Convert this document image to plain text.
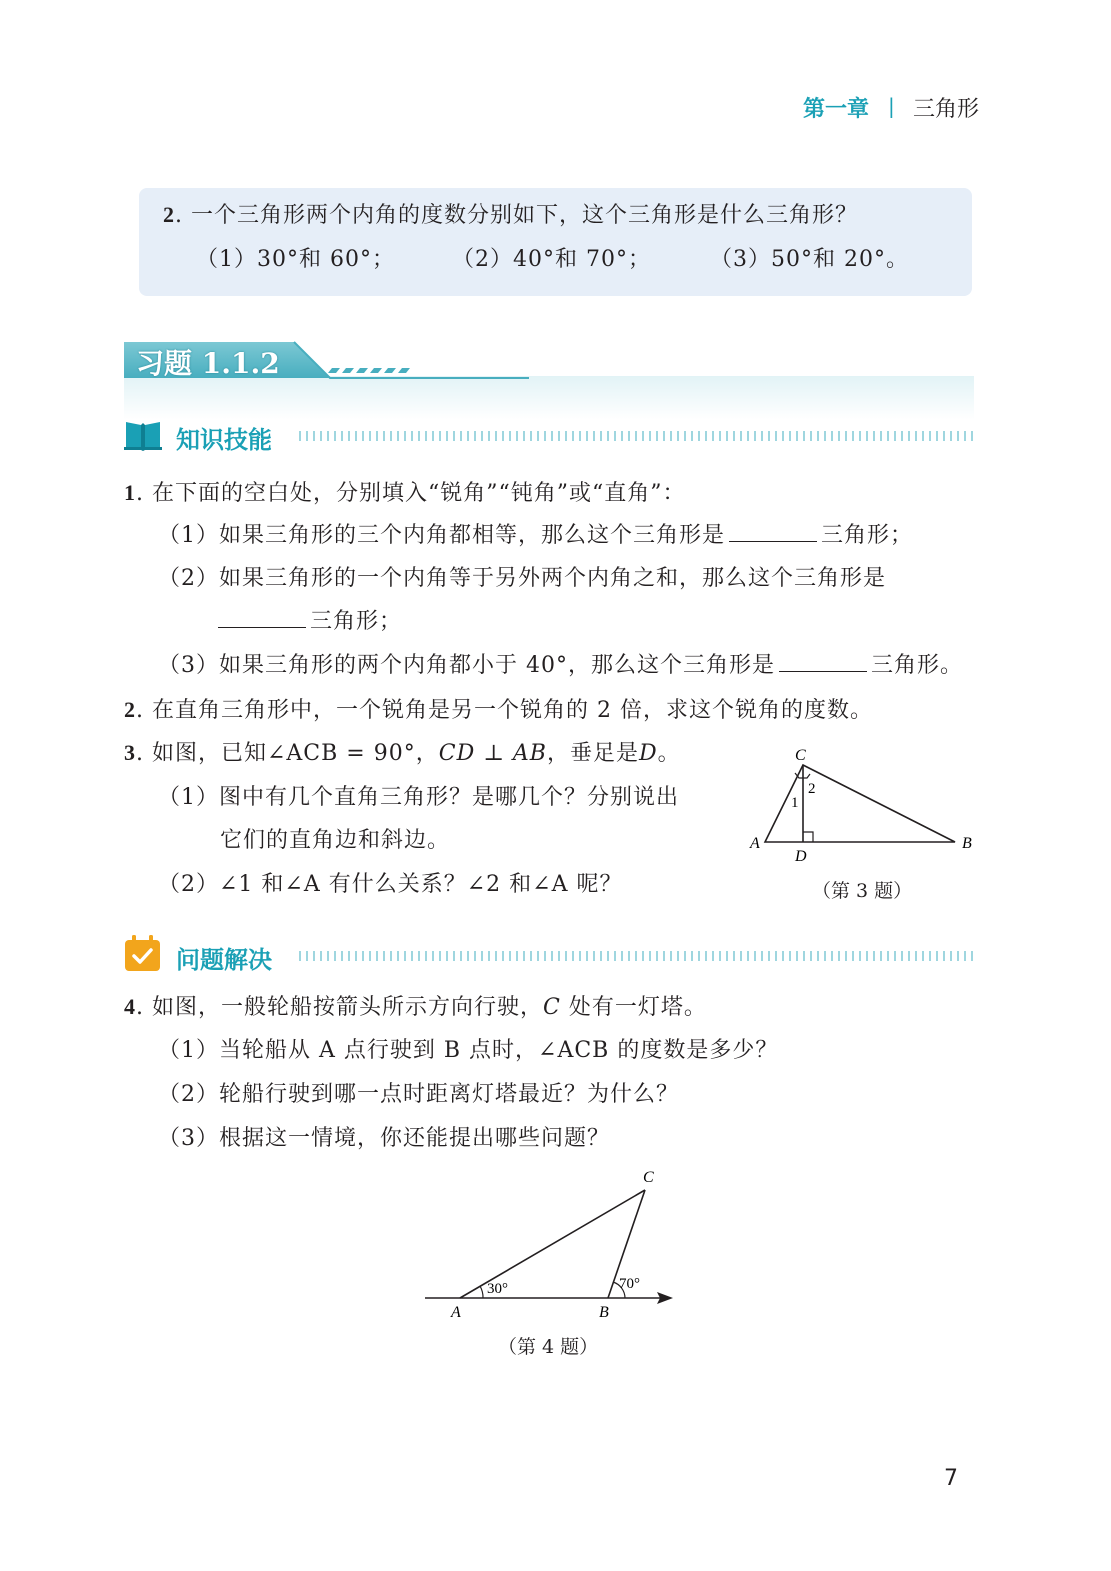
第一章 | 三角形
2. 一个三角形两个内角的度数分别如下，这个三角形是什么三角形？
（1）30°和 60°；	（2）40°和 70°；	（3）50°和 20°。
习题 1.1.2
知识技能
1. 在下面的空白处，分别填入“锐角”“钝角”或“直角”：
（1）如果三角形的三个内角都相等，那么这个三角形是	三角形；
（2）如果三角形的一个内角等于另外两个内角之和，那么这个三角形是
三角形；
（3）如果三角形的两个内角都小于 40°，那么这个三角形是	三角形。
2. 在直角三角形中，一个锐角是另一个锐角的 2 倍，求这个锐角的度数。
3. 如图，已知∠ACB = 90°，CD ⊥ AB，垂足是D。
（1）图中有几个直角三角形？是哪几个？分别说出
它们的直角边和斜边。
（2）∠1 和∠A 有什么关系？∠2 和∠A 呢？
C
A	B
D
1
2
（第 3 题）
问题解决
4. 如图，一般轮船按箭头所示方向行驶，C 处有一灯塔。
（1）当轮船从 A 点行驶到 B 点时，∠ACB 的度数是多少？
（2）轮船行驶到哪一点时距离灯塔最近？为什么？
（3）根据这一情境，你还能提出哪些问题？
C
A	B
30°	70°
（第 4 题）
7
